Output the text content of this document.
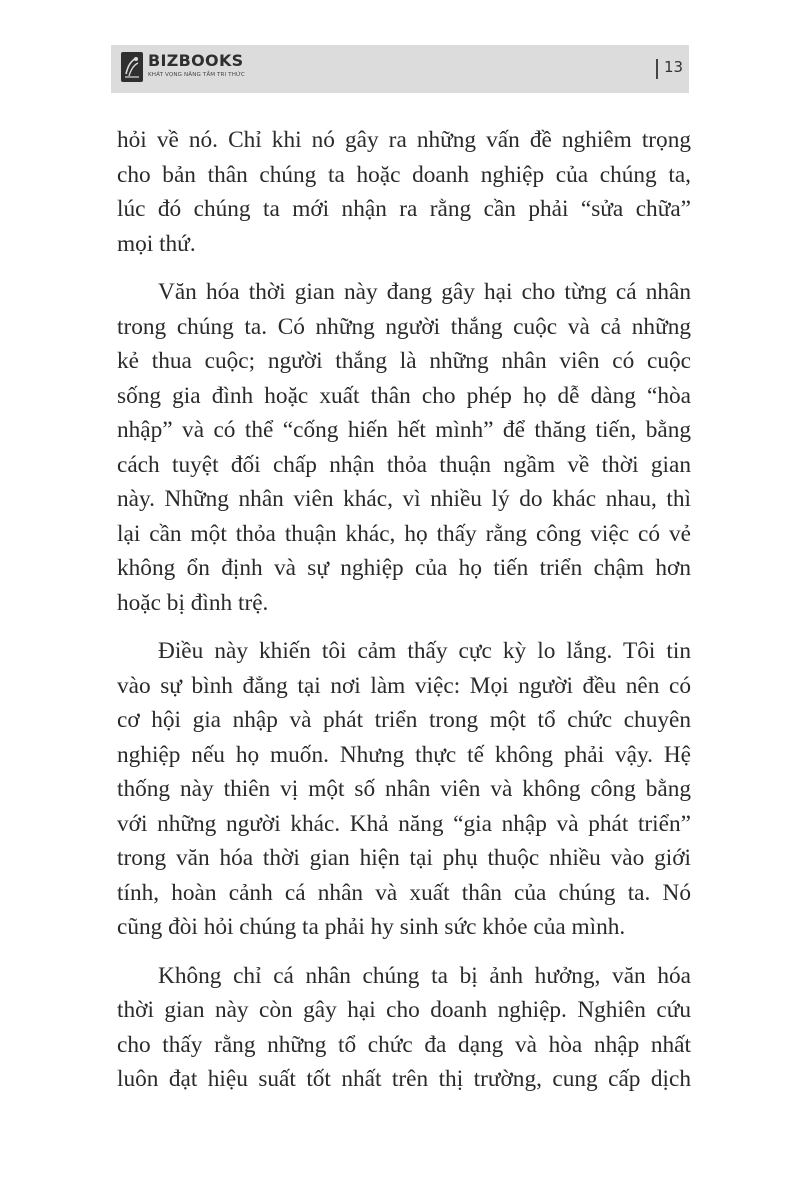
BIZBOOKS
KHÁT VỌNG NÂNG TẦM TRI THỨC	13
hỏi về nó. Chỉ khi nó gây ra những vấn đề nghiêm trọng
cho bản thân chúng ta hoặc doanh nghiệp của chúng ta,
lúc đó chúng ta mới nhận ra rằng cần phải “sửa chữa”
mọi thứ.
Văn hóa thời gian này đang gây hại cho từng cá nhân
trong chúng ta. Có những người thắng cuộc và cả những
kẻ thua cuộc; người thắng là những nhân viên có cuộc
sống gia đình hoặc xuất thân cho phép họ dễ dàng “hòa
nhập” và có thể “cống hiến hết mình” để thăng tiến, bằng
cách tuyệt đối chấp nhận thỏa thuận ngầm về thời gian
này. Những nhân viên khác, vì nhiều lý do khác nhau, thì
lại cần một thỏa thuận khác, họ thấy rằng công việc có vẻ
không ổn định và sự nghiệp của họ tiến triển chậm hơn
hoặc bị đình trệ.
Điều này khiến tôi cảm thấy cực kỳ lo lắng. Tôi tin
vào sự bình đẳng tại nơi làm việc: Mọi người đều nên có
cơ hội gia nhập và phát triển trong một tổ chức chuyên
nghiệp nếu họ muốn. Nhưng thực tế không phải vậy. Hệ
thống này thiên vị một số nhân viên và không công bằng
với những người khác. Khả năng “gia nhập và phát triển”
trong văn hóa thời gian hiện tại phụ thuộc nhiều vào giới
tính, hoàn cảnh cá nhân và xuất thân của chúng ta. Nó
cũng đòi hỏi chúng ta phải hy sinh sức khỏe của mình.
Không chỉ cá nhân chúng ta bị ảnh hưởng, văn hóa
thời gian này còn gây hại cho doanh nghiệp. Nghiên cứu
cho thấy rằng những tổ chức đa dạng và hòa nhập nhất
luôn đạt hiệu suất tốt nhất trên thị trường, cung cấp dịch
